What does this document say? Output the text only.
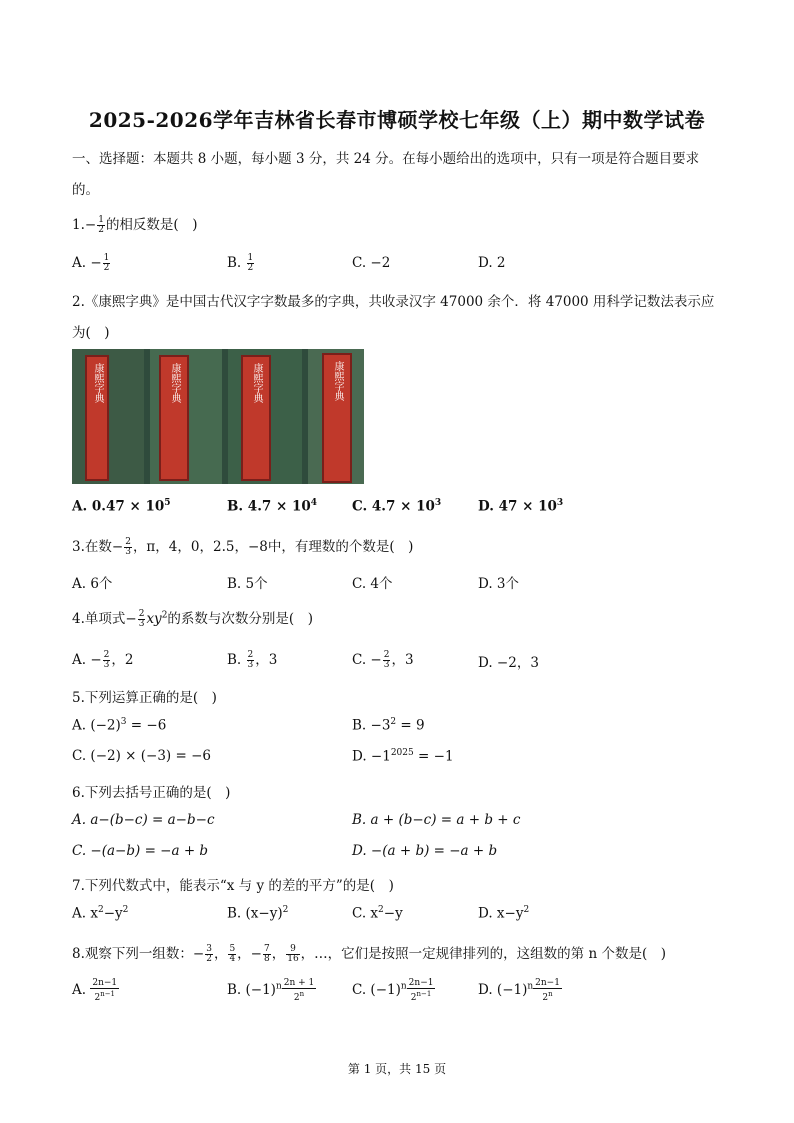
2025-2026学年吉林省长春市博硕学校七年级（上）期中数学试卷
一、选择题：本题共 8 小题，每小题 3 分，共 24 分。在每小题给出的选项中，只有一项是符合题目要求
的。
$1.- \frac{1}{2}$ 的相反数是(　)
A. − $\frac{1}{2}$	B. $\frac{1}{2}$	C. −2	D. 2
2.《康熙字典》是中国古代汉字字数最多的字典，共收录汉字 47000 余个．将 47000 用科学记数法表示应
为(　)
康熙字典	康熙字典	康熙字典	康熙字典
A. $0.47 \times 10^5$	B. $4.7 \times 10^4$	C. $4.7 \times 10^3$	D. $47 \times 10^3$
3.在数− $\frac{2}{3}$ ，π，4，0，2.5，−8中，有理数的个数是(　)
A. 6个	B. 5个	C. 4个	D. 3个
4.单项式− $\frac{2}{3} xy^2$的系数与次数分别是(　)
A. − $\frac{2}{3}$ ，2	B. $\frac{2}{3}$ ，3	C. − $\frac{2}{3}$ ，3	D. −2，3
5.下列运算正确的是(　)
A. $(-2)^3 = -6$	B. $-3^2 = 9$
C. (−2) × (−3) = −6	D. $-1^{2025} = -1$
6.下列去括号正确的是(　)
A. a−(b−c) = a−b−c	B. a + (b−c) = a + b + c
C. −(a−b) = −a + b	D. −(a + b) = −a + b
7.下列代数式中，能表示“x 与 y 的差的平方”的是(　)
A. $x^2-y^2$	B. $(x-y)^2$	C. $x^2-y$	D. $x-y^2$
8.观察下列一组数：− $\frac{3}{2}$ ， $\frac{5}{4}$ ，− $\frac{7}{8}$ ， $\frac{9}{16}$ ，…，它们是按照一定规律排列的，这组数的第 n 个数是(　)
A. $\frac{2n-1}{2^{n-1}}$	B. $(-1)^n \frac{2n + 1}{2^n}$	C. $(-1)^n \frac{2n-1}{2^{n-1}}$	D. $(-1)^n \frac{2n-1}{2^n}$
第 1 页，共 15 页
